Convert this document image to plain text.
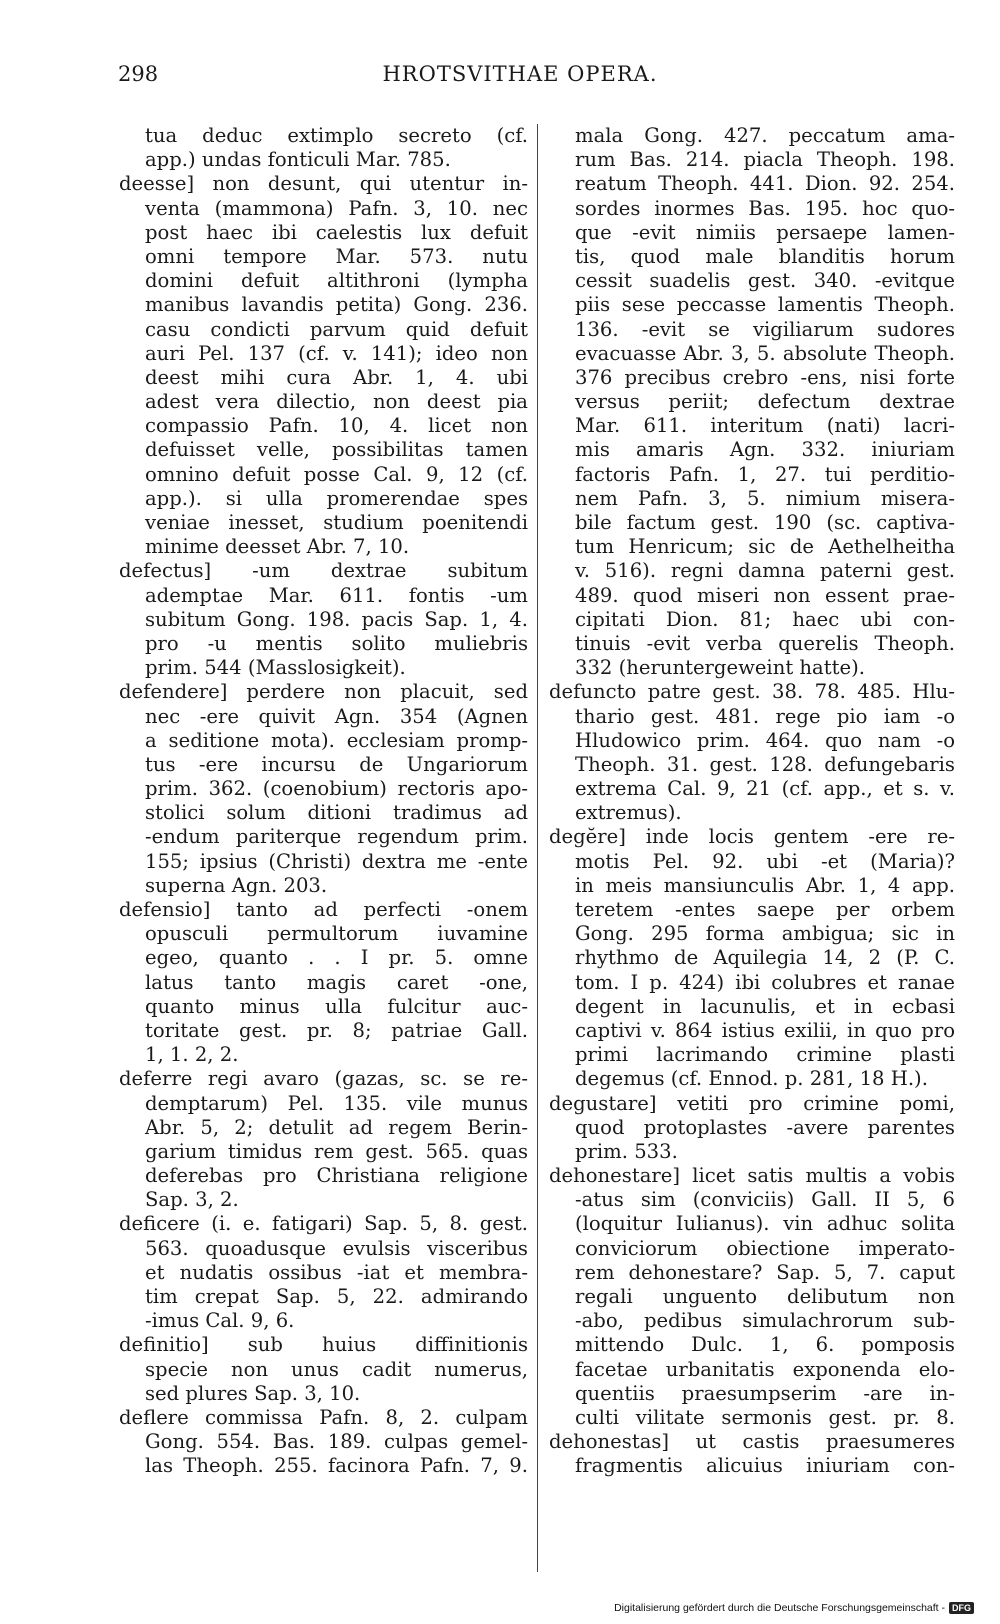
298	HROTSVITHAE OPERA.
tua deduc extimplo secreto (cf.
app.) undas fonticuli Mar. 785.
deesse] non desunt, qui utentur in-
venta (mammona) Pafn. 3, 10. nec
post haec ibi caelestis lux defuit
omni tempore Mar. 573. nutu
domini defuit altithroni (lympha
manibus lavandis petita) Gong. 236.
casu condicti parvum quid defuit
auri Pel. 137 (cf. v. 141); ideo non
deest mihi cura Abr. 1, 4. ubi
adest vera dilectio, non deest pia
compassio Pafn. 10, 4. licet non
defuisset velle, possibilitas tamen
omnino defuit posse Cal. 9, 12 (cf.
app.). si ulla promerendae spes
veniae inesset, studium poenitendi
minime deesset Abr. 7, 10.
defectus] -um dextrae subitum
ademptae Mar. 611. fontis -um
subitum Gong. 198. pacis Sap. 1, 4.
pro -u mentis solito muliebris
prim. 544 (Masslosigkeit).
defendere] perdere non placuit, sed
nec -ere quivit Agn. 354 (Agnen
a seditione mota). ecclesiam promp-
tus -ere incursu de Ungariorum
prim. 362. (coenobium) rectoris apo-
stolici solum ditioni tradimus ad
-endum pariterque regendum prim.
155; ipsius (Christi) dextra me -ente
superna Agn. 203.
defensio] tanto ad perfecti -onem
opusculi permultorum iuvamine
egeo, quanto . . I pr. 5. omne
latus tanto magis caret -one,
quanto minus ulla fulcitur auc-
toritate gest. pr. 8; patriae Gall.
1, 1. 2, 2.
deferre regi avaro (gazas, sc. se re-
demptarum) Pel. 135. vile munus
Abr. 5, 2; detulit ad regem Berin-
garium timidus rem gest. 565. quas
deferebas pro Christiana religione
Sap. 3, 2.
deficere (i. e. fatigari) Sap. 5, 8. gest.
563. quoadusque evulsis visceribus
et nudatis ossibus -iat et membra-
tim crepat Sap. 5, 22. admirando
-imus Cal. 9, 6.
definitio] sub huius diffinitionis
specie non unus cadit numerus,
sed plures Sap. 3, 10.
deflere commissa Pafn. 8, 2. culpam
Gong. 554. Bas. 189. culpas gemel-
las Theoph. 255. facinora Pafn. 7, 9.
mala Gong. 427. peccatum ama-
rum Bas. 214. piacla Theoph. 198.
reatum Theoph. 441. Dion. 92. 254.
sordes inormes Bas. 195. hoc quo-
que -evit nimiis persaepe lamen-
tis, quod male blanditis horum
cessit suadelis gest. 340. -evitque
piis sese peccasse lamentis Theoph.
136. -evit se vigiliarum sudores
evacuasse Abr. 3, 5. absolute Theoph.
376 precibus crebro -ens, nisi forte
versus periit; defectum dextrae
Mar. 611. interitum (nati) lacri-
mis amaris Agn. 332. iniuriam
factoris Pafn. 1, 27. tui perditio-
nem Pafn. 3, 5. nimium misera-
bile factum gest. 190 (sc. captiva-
tum Henricum; sic de Aethelheitha
v. 516). regni damna paterni gest.
489. quod miseri non essent prae-
cipitati Dion. 81; haec ubi con-
tinuis -evit verba querelis Theoph.
332 (heruntergeweint hatte).
defuncto patre gest. 38. 78. 485. Hlu-
thario gest. 481. rege pio iam -o
Hludowico prim. 464. quo nam -o
Theoph. 31. gest. 128. defungebaris
extrema Cal. 9, 21 (cf. app., et s. v.
extremus).
degĕre] inde locis gentem -ere re-
motis Pel. 92. ubi -et (Maria)?
in meis mansiunculis Abr. 1, 4 app.
teretem -entes saepe per orbem
Gong. 295 forma ambigua; sic in
rhythmo de Aquilegia 14, 2 (P. C.
tom. I p. 424) ibi colubres et ranae
degent in lacunulis, et in ecbasi
captivi v. 864 istius exilii, in quo pro
primi lacrimando crimine plasti
degemus (cf. Ennod. p. 281, 18 H.).
degustare] vetiti pro crimine pomi,
quod protoplastes -avere parentes
prim. 533.
dehonestare] licet satis multis a vobis
-atus sim (conviciis) Gall. II 5, 6
(loquitur Iulianus). vin adhuc solita
conviciorum obiectione imperato-
rem dehonestare? Sap. 5, 7. caput
regali unguento delibutum non
-abo, pedibus simulachrorum sub-
mittendo Dulc. 1, 6. pomposis
facetae urbanitatis exponenda elo-
quentiis praesumpserim -are in-
culti vilitate sermonis gest. pr. 8.
dehonestas] ut castis praesumeres
fragmentis alicuius iniuriam con-
Digitalisierung gefördert durch die Deutsche Forschungsgemeinschaft - DFG
